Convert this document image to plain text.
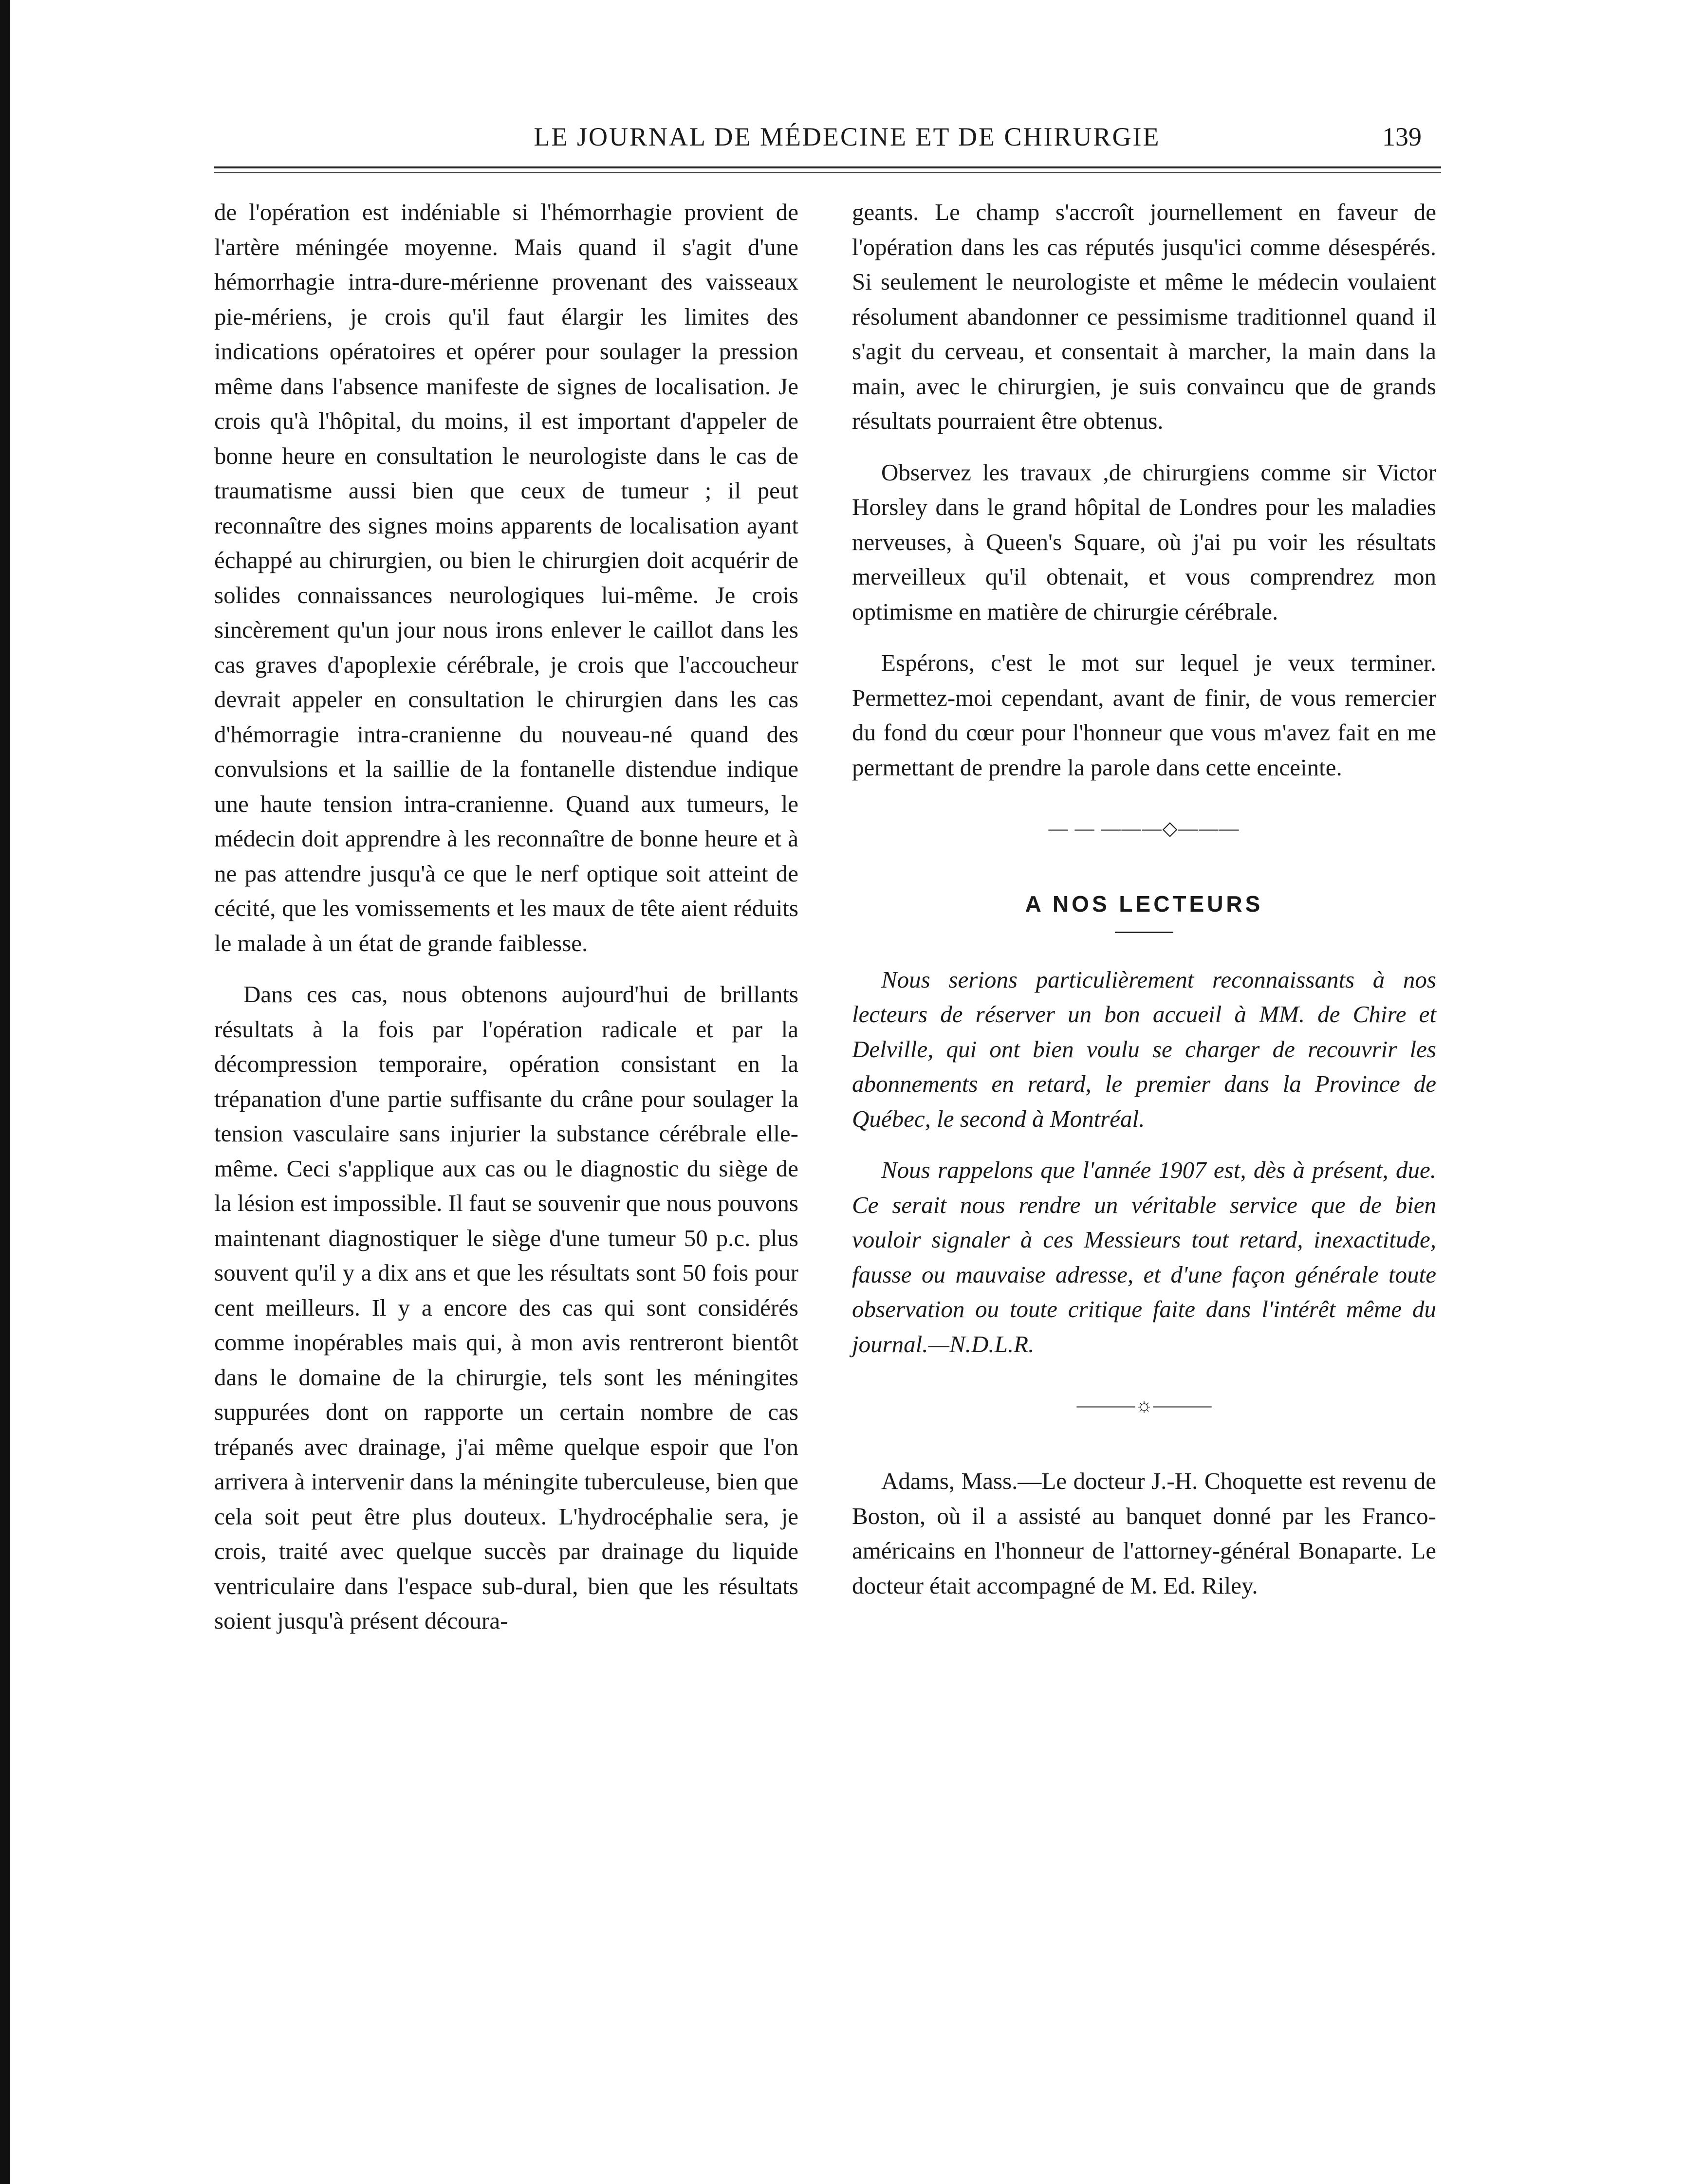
LE JOURNAL DE MÉDECINE ET DE CHIRURGIE	139

de l'opération est indéniable si l'hémorrhagie provient de l'artère méningée moyenne. Mais quand il s'agit d'une hémorrhagie intra-dure-mérienne provenant des vaisseaux pie-mériens, je crois qu'il faut élargir les limites des indications opératoires et opérer pour soulager la pression même dans l'absence manifeste de signes de localisation. Je crois qu'à l'hôpital, du moins, il est important d'appeler de bonne heure en consultation le neurologiste dans le cas de traumatisme aussi bien que ceux de tumeur ; il peut reconnaître des signes moins apparents de localisation ayant échappé au chirurgien, ou bien le chirurgien doit acquérir de solides connaissances neurologiques lui-même. Je crois sincèrement qu'un jour nous irons enlever le caillot dans les cas graves d'apoplexie cérébrale, je crois que l'accoucheur devrait appeler en consultation le chirurgien dans les cas d'hémorragie intra-cranienne du nouveau-né quand des convulsions et la saillie de la fontanelle distendue indique une haute tension intra-cranienne. Quand aux tumeurs, le médecin doit apprendre à les reconnaître de bonne heure et à ne pas attendre jusqu'à ce que le nerf optique soit atteint de cécité, que les vomissements et les maux de tête aient réduits le malade à un état de grande faiblesse.

Dans ces cas, nous obtenons aujourd'hui de brillants résultats à la fois par l'opération radicale et par la décompression temporaire, opération consistant en la trépanation d'une partie suffisante du crâne pour soulager la tension vasculaire sans injurier la substance cérébrale elle-même. Ceci s'applique aux cas ou le diagnostic du siège de la lésion est impossible. Il faut se souvenir que nous pouvons maintenant diagnostiquer le siège d'une tumeur 50 p.c. plus souvent qu'il y a dix ans et que les résultats sont 50 fois pour cent meilleurs. Il y a encore des cas qui sont considérés comme inopérables mais qui, à mon avis rentreront bientôt dans le domaine de la chirurgie, tels sont les méningites suppurées dont on rapporte un certain nombre de cas trépanés avec drainage, j'ai même quelque espoir que l'on arrivera à intervenir dans la méningite tuberculeuse, bien que cela soit peut être plus douteux. L'hydrocéphalie sera, je crois, traité avec quelque succès par drainage du liquide ventriculaire dans l'espace sub-dural, bien que les résultats soient jusqu'à présent découra-

geants. Le champ s'accroît journellement en faveur de l'opération dans les cas réputés jusqu'ici comme désespérés. Si seulement le neurologiste et même le médecin voulaient résolument abandonner ce pessimisme traditionnel quand il s'agit du cerveau, et consentait à marcher, la main dans la main, avec le chirurgien, je suis convaincu que de grands résultats pourraient être obtenus.

Observez les travaux ,de chirurgiens comme sir Victor Horsley dans le grand hôpital de Londres pour les maladies nerveuses, à Queen's Square, où j'ai pu voir les résultats merveilleux qu'il obtenait, et vous comprendrez mon optimisme en matière de chirurgie cérébrale.

Espérons, c'est le mot sur lequel je veux terminer. Permettez-moi cependant, avant de finir, de vous remercier du fond du cœur pour l'honneur que vous m'avez fait en me permettant de prendre la parole dans cette enceinte.

— — ———◇———
A NOS LECTEURS

Nous serions particulièrement reconnaissants à nos lecteurs de réserver un bon accueil à MM. de Chire et Delville, qui ont bien voulu se charger de recouvrir les abonnements en retard, le premier dans la Province de Québec, le second à Montréal.

Nous rappelons que l'année 1907 est, dès à présent, due. Ce serait nous rendre un véritable service que de bien vouloir signaler à ces Messieurs tout retard, inexactitude, fausse ou mauvaise adresse, et d'une façon générale toute observation ou toute critique faite dans l'intérêt même du journal.—N.D.L.R.

———☼———

Adams, Mass.—Le docteur J.-H. Choquette est revenu de Boston, où il a assisté au banquet donné par les Franco-américains en l'honneur de l'attorney-général Bonaparte. Le docteur était accompagné de M. Ed. Riley.
